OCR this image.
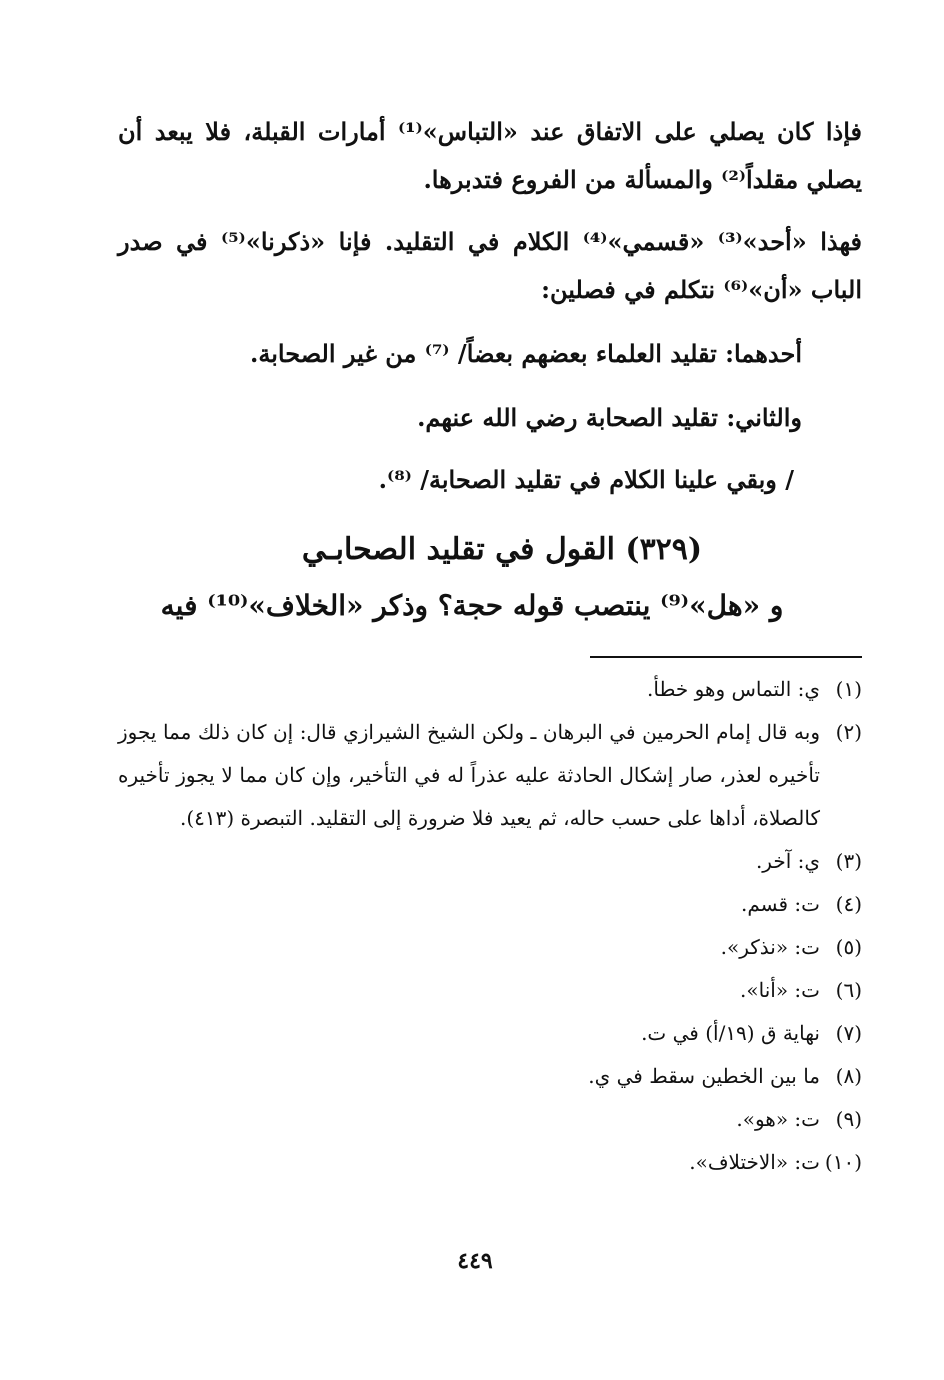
فإذا كان يصلي على الاتفاق عند «التباس»⁽¹⁾ أمارات القبلة، فلا يبعد أن يصلي مقلداً⁽²⁾ والمسألة من الفروع فتدبرها.
فهذا «أحد»⁽³⁾ «قسمي»⁽⁴⁾ الكلام في التقليد. فإنا «ذكرنا»⁽⁵⁾ في صدر الباب «أن»⁽⁶⁾ نتكلم في فصلين:
أحدهما: تقليد العلماء بعضهم بعضاً/ ⁽⁷⁾ من غير الصحابة.
والثاني: تقليد الصحابة رضي الله عنهم.
/ وبقي علينا الكلام في تقليد الصحابة/ ⁽⁸⁾.
(٣٢٩) القول في تقليد الصحابـي
و «هل»⁽⁹⁾ ينتصب قوله حجة؟ وذكر «الخلاف»⁽¹⁰⁾ فيه
(١)
ي: التماس وهو خطأ.
(٢)
وبه قال إمام الحرمين في البرهان ـ ولكن الشيخ الشيرازي قال: إن كان ذلك مما يجوز تأخيره لعذر، صار إشكال الحادثة عليه عذراً له في التأخير، وإن كان مما لا يجوز تأخيره كالصلاة، أداها على حسب حاله، ثم يعيد فلا ضرورة إلى التقليد. التبصرة (٤١٣).
(٣)
ي: آخر.
(٤)
ت: قسم.
(٥)
ت: «نذكر».
(٦)
ت: «أنا».
(٧)
نهاية ق (١٩/أ) في ت.
(٨)
ما بين الخطين سقط في ي.
(٩)
ت: «هو».
(١٠)
ت: «الاختلاف».
٤٤٩
